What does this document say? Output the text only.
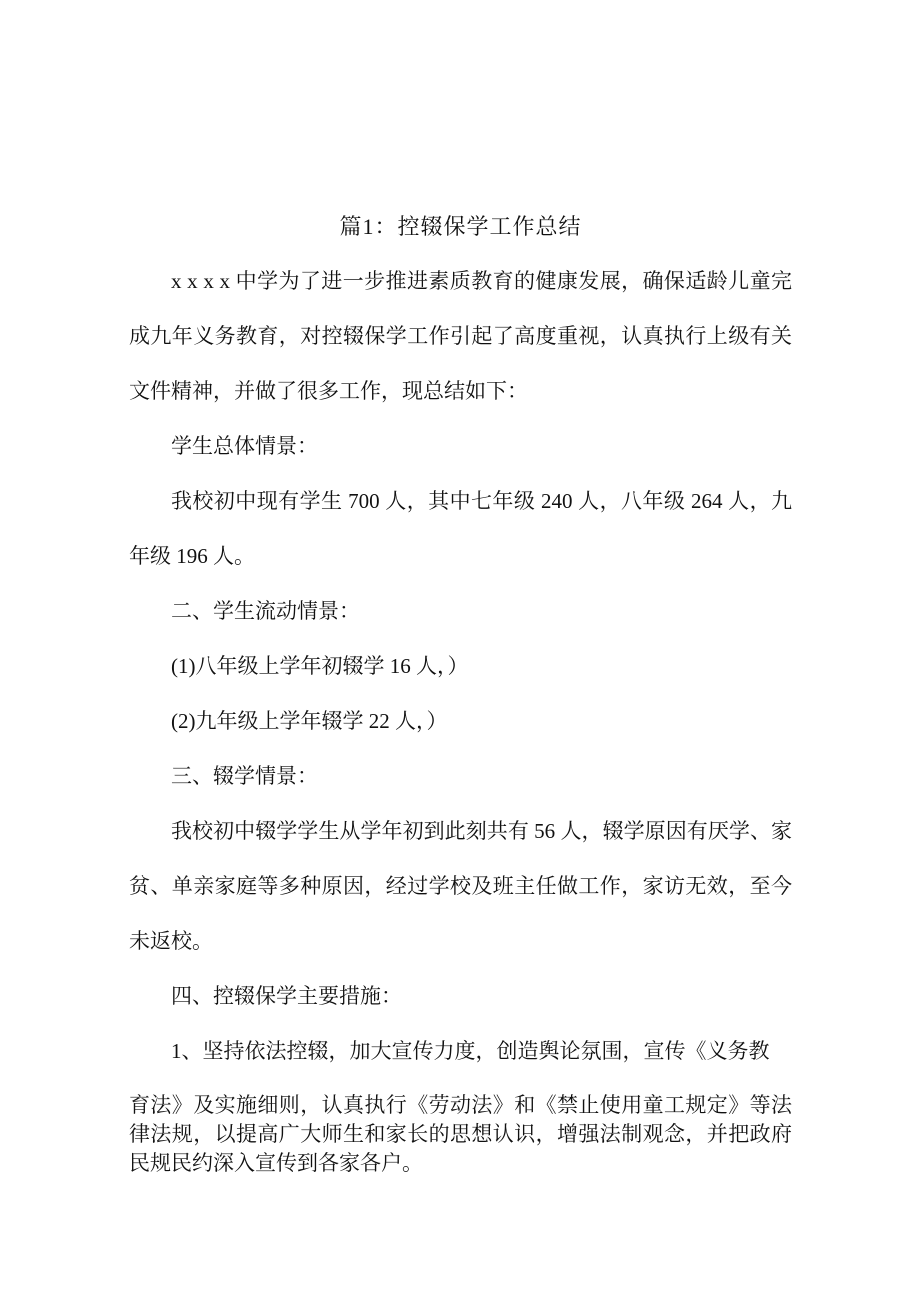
篇1：控辍保学工作总结

x x x x 中学为了进一步推进素质教育的健康发展，确保适龄儿童完成九年义务教育，对控辍保学工作引起了高度重视，认真执行上级有关文件精神，并做了很多工作，现总结如下：

学生总体情景：

我校初中现有学生 700 人，其中七年级 240 人，八年级 264 人，九年级 196 人。

二、学生流动情景：

(1)八年级上学年初辍学 16 人，）

(2)九年级上学年辍学 22 人，）

三、辍学情景：

我校初中辍学学生从学年初到此刻共有 56 人，辍学原因有厌学、家贫、单亲家庭等多种原因，经过学校及班主任做工作，家访无效，至今未返校。

四、控辍保学主要措施：

1、坚持依法控辍，加大宣传力度，创造舆论氛围，宣传《义务教

育法》及实施细则，认真执行《劳动法》和《禁止使用童工规定》等法律法规，以提高广大师生和家长的思想认识，增强法制观念，并把政府民规民约深入宣传到各家各户。
